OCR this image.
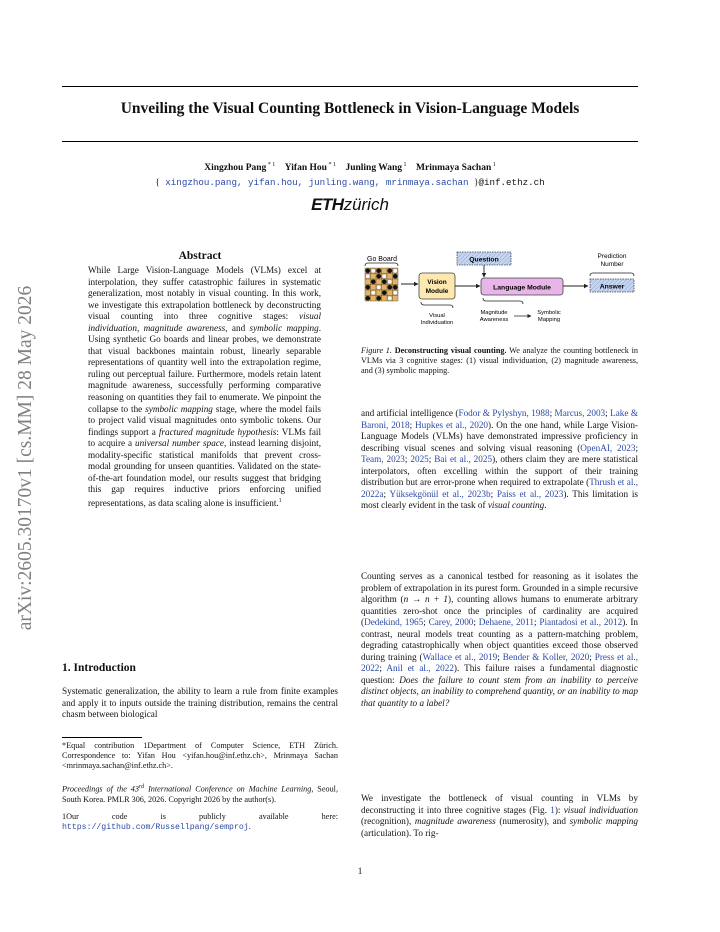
Unveiling the Visual Counting Bottleneck in Vision-Language Models
Xingzhou Pang $^{* 1}$  Yifan Hou $^{* 1}$  Junling Wang $^1$  Mrinmaya Sachan $^1$
{ xingzhou.pang, yifan.hou, junling.wang, mrinmaya.sachan }@inf.ethz.ch
ETHzürich
arXiv:2605.30170v1 [cs.MM] 28 May 2026
Abstract

While Large Vision-Language Models (VLMs) excel at interpolation, they suffer catastrophic failures in systematic generalization, most notably in visual counting. In this work, we investigate this extrapolation bottleneck by deconstructing visual counting into three cognitive stages: visual individuation, magnitude awareness, and symbolic mapping. Using synthetic Go boards and linear probes, we demonstrate that visual backbones maintain robust, linearly separable representations of quantity well into the extrapolation regime, ruling out perceptual failure. Furthermore, models retain latent magnitude awareness, successfully performing comparative reasoning on quantities they fail to enumerate. We pinpoint the collapse to the symbolic mapping stage, where the model fails to project valid visual magnitudes onto symbolic tokens. Our findings support a fractured magnitude hypothesis: VLMs fail to acquire a universal number space, instead learning disjoint, modality-specific statistical manifolds that prevent cross-modal grounding for unseen quantities. Validated on the state-of-the-art foundation model, our results suggest that bridging this gap requires inductive priors enforcing unified representations, as data scaling alone is insufficient.$^1$

1. Introduction

Systematic generalization, the ability to learn a rule from finite examples and apply it to inputs outside the training distribution, remains the central chasm between biological

*Equal contribution 1Department of Computer Science, ETH Zürich. Correspondence to: Yifan Hou <yifan.hou@inf.ethz.ch>, Mrinmaya Sachan <mrinmaya.sachan@inf.ethz.ch>.
Proceedings of the 43rd International Conference on Machine Learning, Seoul, South Korea. PMLR 306, 2026. Copyright 2026 by the author(s).
1Our code is publicly available here: https://github.com/Russellpang/semproj.
Go Board
Vision
Module
Question
Language Module
Prediction
Number
Answer
Visual
Individuation
Magnitude
Awareness
Symbolic
Mapping
Figure 1. Deconstructing visual counting. We analyze the counting bottleneck in VLMs via 3 cognitive stages: (1) visual individuation, (2) magnitude awareness, and (3) symbolic mapping.

and artificial intelligence (Fodor & Pylyshyn, 1988; Marcus, 2003; Lake & Baroni, 2018; Hupkes et al., 2020). On the one hand, while Large Vision-Language Models (VLMs) have demonstrated impressive proficiency in describing visual scenes and solving visual reasoning (OpenAI, 2023; Team, 2023; 2025; Bai et al., 2025), others claim they are mere statistical interpolators, often excelling within the support of their training distribution but are error-prone when required to extrapolate (Thrush et al., 2022a; Yüksekgönül et al., 2023b; Paiss et al., 2023). This limitation is most clearly evident in the task of visual counting.

Counting serves as a canonical testbed for reasoning as it isolates the problem of extrapolation in its purest form. Grounded in a simple recursive algorithm (n → n + 1), counting allows humans to enumerate arbitrary quantities zero-shot once the principles of cardinality are acquired (Dedekind, 1965; Carey, 2000; Dehaene, 2011; Piantadosi et al., 2012). In contrast, neural models treat counting as a pattern-matching problem, degrading catastrophically when object quantities exceed those observed during training (Wallace et al., 2019; Bender & Koller, 2020; Press et al., 2022; Anil et al., 2022). This failure raises a fundamental diagnostic question: Does the failure to count stem from an inability to perceive distinct objects, an inability to comprehend quantity, or an inability to map that quantity to a label?

We investigate the bottleneck of visual counting in VLMs by deconstructing it into three cognitive stages (Fig. 1): visual individuation (recognition), magnitude awareness (numerosity), and symbolic mapping (articulation). To rig-

1
